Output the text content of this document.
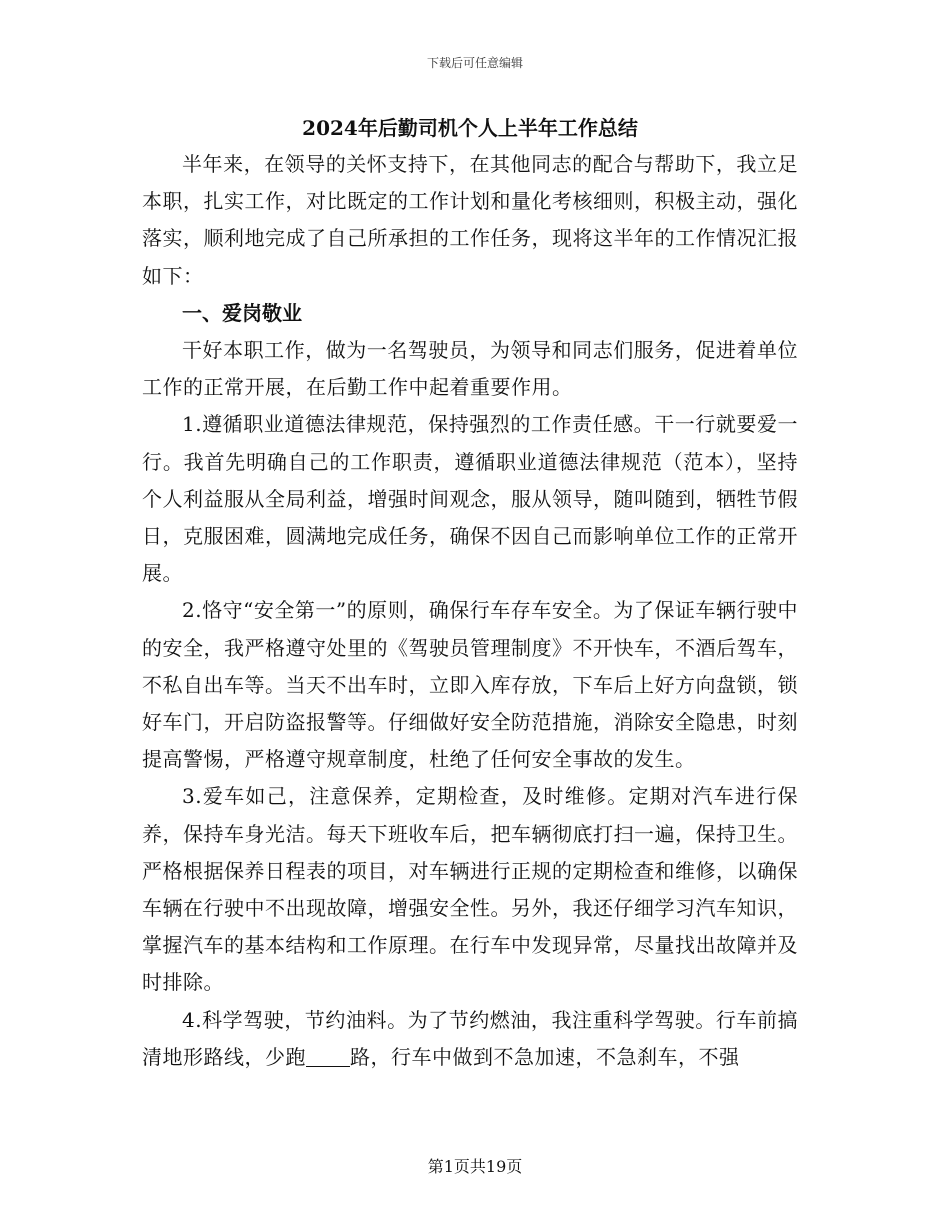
下载后可任意编辑

2024年后勤司机个人上半年工作总结

半年来，在领导的关怀支持下，在其他同志的配合与帮助下，我立足本职，扎实工作，对比既定的工作计划和量化考核细则，积极主动，强化落实，顺利地完成了自己所承担的工作任务，现将这半年的工作情况汇报如下：

一、爱岗敬业

干好本职工作，做为一名驾驶员，为领导和同志们服务，促进着单位工作的正常开展，在后勤工作中起着重要作用。

1.遵循职业道德法律规范，保持强烈的工作责任感。干一行就要爱一行。我首先明确自己的工作职责，遵循职业道德法律规范（范本），坚持个人利益服从全局利益，增强时间观念，服从领导，随叫随到，牺牲节假日，克服困难，圆满地完成任务，确保不因自己而影响单位工作的正常开展。

2.恪守“安全第一”的原则，确保行车存车安全。为了保证车辆行驶中的安全，我严格遵守处里的《驾驶员管理制度》不开快车，不酒后驾车，不私自出车等。当天不出车时，立即入库存放，下车后上好方向盘锁，锁好车门，开启防盗报警等。仔细做好安全防范措施，消除安全隐患，时刻提高警惕，严格遵守规章制度，杜绝了任何安全事故的发生。

3.爱车如己，注意保养，定期检查，及时维修。定期对汽车进行保养，保持车身光洁。每天下班收车后，把车辆彻底打扫一遍，保持卫生。严格根据保养日程表的项目，对车辆进行正规的定期检查和维修，以确保车辆在行驶中不出现故障，增强安全性。另外，我还仔细学习汽车知识，掌握汽车的基本结构和工作原理。在行车中发现异常，尽量找出故障并及时排除。

4.科学驾驶，节约油料。为了节约燃油，我注重科学驾驶。行车前搞清地形路线，少跑 路，行车中做到不急加速，不急刹车，不强

第1页共19页
